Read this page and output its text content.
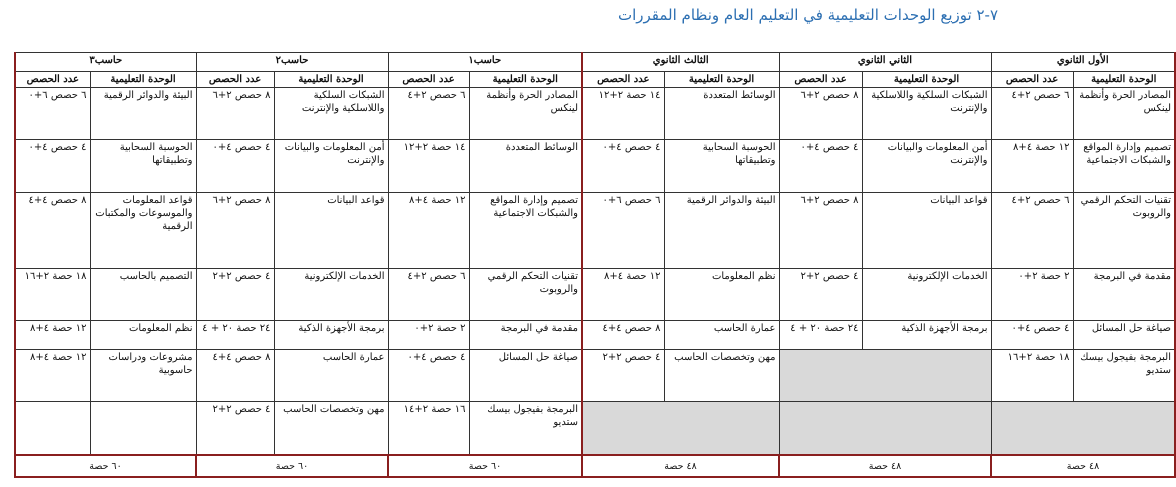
٧-٢ توزيع الوحدات التعليمية في التعليم العام ونظام المقررات
الأول الثانوي		الثاني الثانوي		الثالث الثانوي		حاسب١		حاسب٢		حاسب٣	
الوحدة التعليمية	عدد الحصص	الوحدة التعليمية	عدد الحصص	الوحدة التعليمية	عدد الحصص	الوحدة التعليمية	عدد الحصص	الوحدة التعليمية	عدد الحصص	الوحدة التعليمية	عدد الحصص
المصادر الحرة وأنظمة لينكس	٦ حصص ٢+٤	الشبكات السلكية واللاسلكية والإنترنت	٨ حصص ٢+٦	الوسائط المتعددة	١٤ حصة ٢+١٢	المصادر الحرة وأنظمة لينكس	٦ حصص ٢+٤	الشبكات السلكية واللاسلكية والإنترنت	٨ حصص ٢+٦	البيئة والدوائر الرقمية	٦ حصص ٦+٠
تصميم وإدارة المواقع والشبكات الاجتماعية	١٢ حصة ٤+٨	أمن المعلومات والبيانات والإنترنت	٤ حصص ٤+٠	الحوسبة السحابية وتطبيقاتها	٤ حصص ٤+٠	الوسائط المتعددة	١٤ حصة ٢+١٢	أمن المعلومات والبيانات والإنترنت	٤ حصص ٤+٠	الحوسبة السحابية وتطبيقاتها	٤ حصص ٤+٠
تقنيات التحكم الرقمي والروبوت	٦ حصص ٢+٤	قواعد البيانات	٨ حصص ٢+٦	البيئة والدوائر الرقمية	٦ حصص ٦+٠	تصميم وإدارة المواقع والشبكات الاجتماعية	١٢ حصة ٤+٨	قواعد البيانات	٨ حصص ٢+٦	قواعد المعلومات والموسوعات والمكتبات الرقمية	٨ حصص ٤+٤
مقدمة في البرمجة	٢ حصة ٢+٠	الخدمات الإلكترونية	٤ حصص ٢+٢	نظم المعلومات	١٢ حصة ٤+٨	تقنيات التحكم الرقمي والروبوت	٦ حصص ٢+٤	الخدمات الإلكترونية	٤ حصص ٢+٢	التصميم بالحاسب	١٨ حصة ٢+١٦
صياغة حل المسائل	٤ حصص ٤+٠	برمجة الأجهزة الذكية	٢٤ حصة ٢٠ + ٤	عمارة الحاسب	٨ حصص ٤+٤	مقدمة في البرمجة	٢ حصة ٢+٠	برمجة الأجهزة الذكية	٢٤ حصة ٢٠ + ٤	نظم المعلومات	١٢ حصة ٤+٨
البرمجة بفيجول بيسك ستديو	١٨ حصة ٢+١٦			مهن وتخصصات الحاسب	٤ حصص ٢+٢	صياغة حل المسائل	٤ حصص ٤+٠	عمارة الحاسب	٨ حصص ٤+٤	مشروعات ودراسات حاسوبية	١٢ حصة ٤+٨
						البرمجة بفيجول بيسك ستديو	١٦ حصة ٢+١٤	مهن وتخصصات الحاسب	٤ حصص ٢+٢		
٤٨ حصة		٤٨ حصة		٤٨ حصة		٦٠ حصة		٦٠ حصة		٦٠ حصة	
